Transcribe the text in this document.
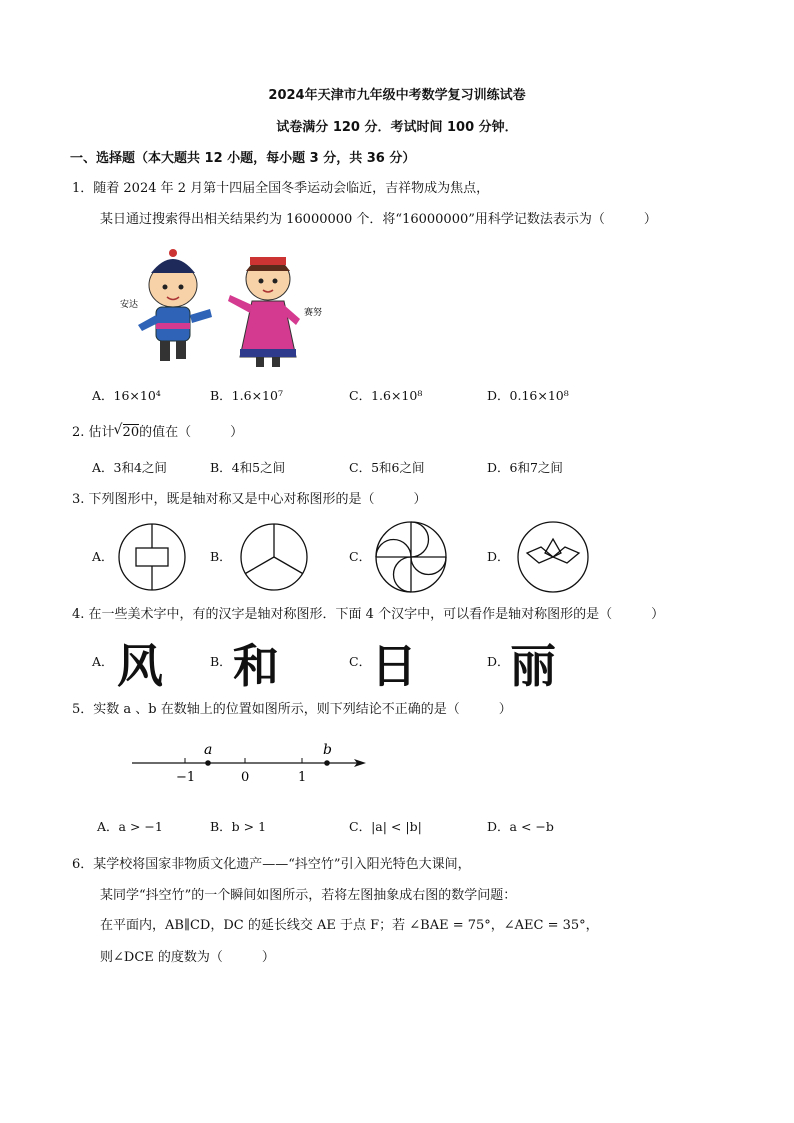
2024年天津市九年级中考数学复习训练试卷
试卷满分 120 分．考试时间 100 分钟．
一、选择题（本大题共 12 小题，每小题 3 分，共 36 分）
1．随着 2024 年 2 月第十四届全国冬季运动会临近，吉祥物成为焦点，
某日通过搜索得出相关结果约为 16000000 个．将“16000000”用科学记数法表示为（　　　）
安达
赛努
A．16×10⁴	B．1.6×10⁷	C．1.6×10⁸	D．0.16×10⁸
2. 估计 √ 20的值在（　　　）
A．3和4之间	B．4和5之间	C．5和6之间	D．6和7之间
3. 下列图形中，既是轴对称又是中心对称图形的是（　　　）
A．	B．	C．	D．
4. 在一些美术字中，有的汉字是轴对称图形．下面 4 个汉字中，可以看作是轴对称图形的是（　　　）
A．	B．	C．	D．
风 和 日 丽
5．实数 a 、b 在数轴上的位置如图所示，则下列结论不正确的是（　　　）
a	b
−1	0	1
A．a > −1	B．b > 1	C．|a| < |b|	D．a < −b
6．某学校将国家非物质文化遗产——“抖空竹”引入阳光特色大课间，
某同学“抖空竹”的一个瞬间如图所示，若将左图抽象成右图的数学问题：
在平面内，AB∥CD，DC 的延长线交 AE 于点 F；若 ∠BAE = 75°，∠AEC = 35°，
则∠DCE 的度数为（　　　）
